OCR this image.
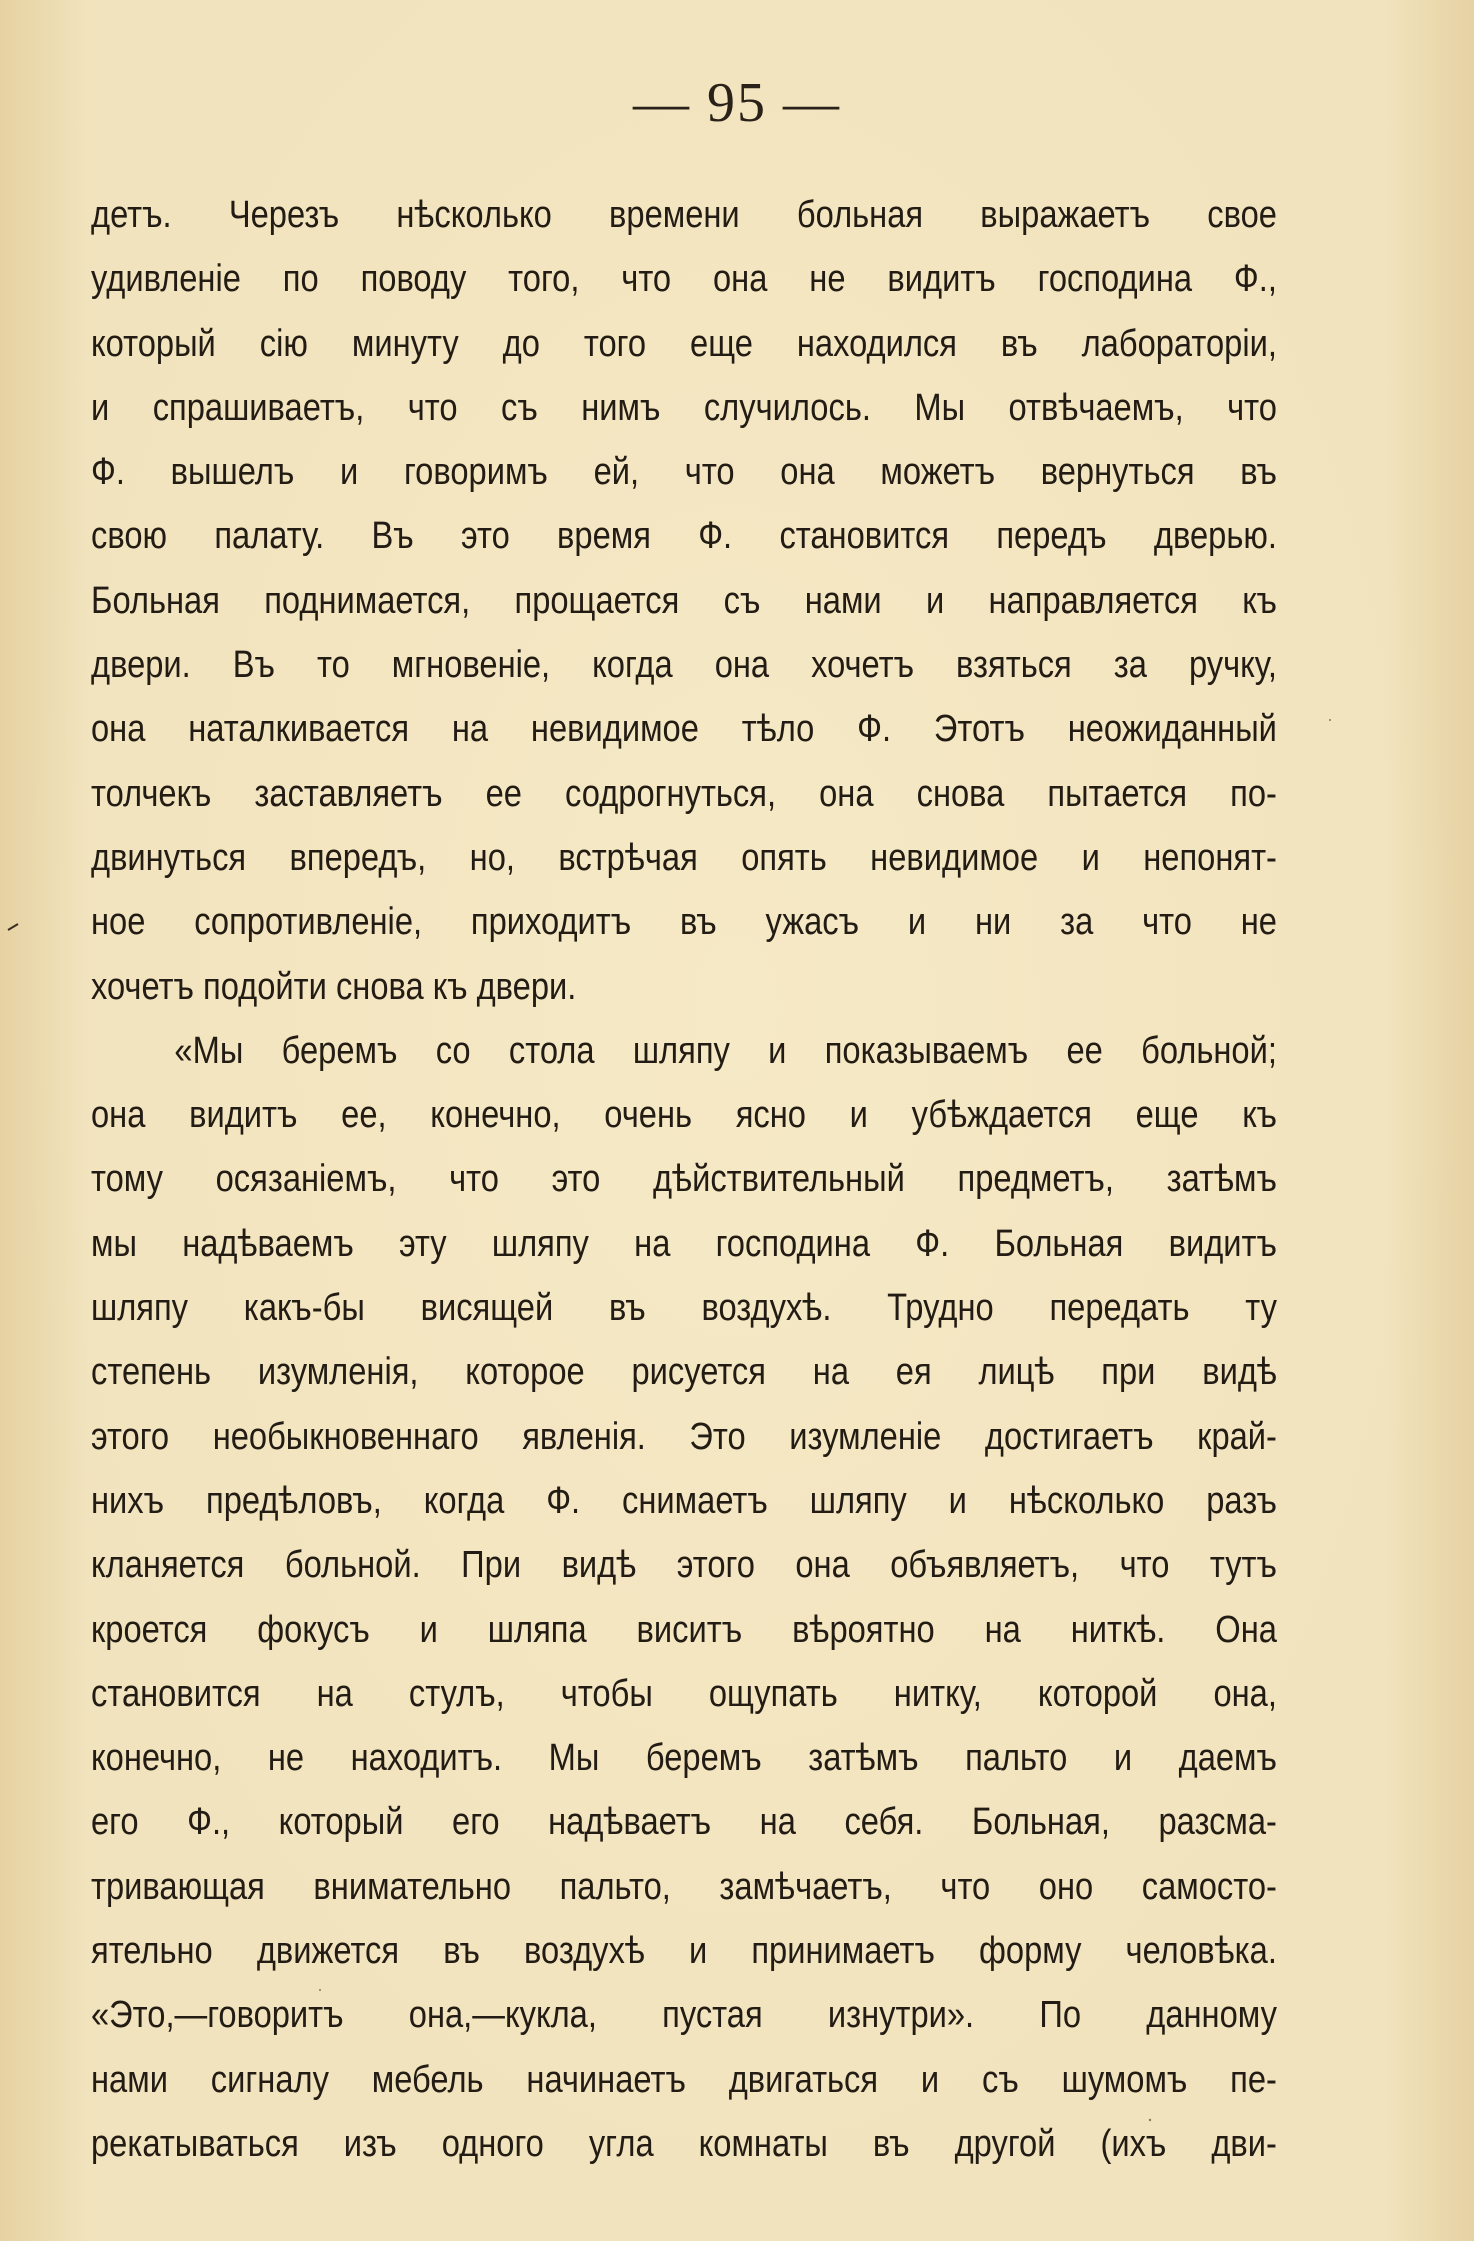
— 95 —
детъ. Черезъ нѣсколько времени больная выражаетъ свое
удивленіе по поводу того, что она не видитъ господина Ф.,
который сію минуту до того еще находился въ лабораторіи,
и спрашиваетъ, что съ нимъ случилось. Мы отвѣчаемъ, что
Ф. вышелъ и говоримъ ей, что она можетъ вернуться въ
свою палату. Въ это время Ф. становится передъ дверью.
Больная поднимается, прощается съ нами и направляется къ
двери. Въ то мгновеніе, когда она хочетъ взяться за ручку,
она наталкивается на невидимое тѣло Ф. Этотъ неожиданный
толчекъ заставляетъ ее содрогнуться, она снова пытается по-
двинуться впередъ, но, встрѣчая опять невидимое и непонят-
ное сопротивленіе, приходитъ въ ужасъ и ни за что не
хочетъ подойти снова къ двери.
«Мы беремъ со стола шляпу и показываемъ ее больной;
она видитъ ее, конечно, очень ясно и убѣждается еще къ
тому осязаніемъ, что это дѣйствительный предметъ, затѣмъ
мы надѣваемъ эту шляпу на господина Ф. Больная видитъ
шляпу какъ-бы висящей въ воздухѣ. Трудно передать ту
степень изумленія, которое рисуется на ея лицѣ при видѣ
этого необыкновеннаго явленія. Это изумленіе достигаетъ край-
нихъ предѣловъ, когда Ф. снимаетъ шляпу и нѣсколько разъ
кланяется больной. При видѣ этого она объявляетъ, что тутъ
кроется фокусъ и шляпа виситъ вѣроятно на ниткѣ. Она
становится на стулъ, чтобы ощупать нитку, которой она,
конечно, не находитъ. Мы беремъ затѣмъ пальто и даемъ
его Ф., который его надѣваетъ на себя. Больная, разсма-
тривающая внимательно пальто, замѣчаетъ, что оно самосто-
ятельно движется въ воздухѣ и принимаетъ форму человѣка.
«Это,—говоритъ она,—кукла, пустая изнутри». По данному
нами сигналу мебель начинаетъ двигаться и съ шумомъ пе-
рекатываться изъ одного угла комнаты въ другой (ихъ дви-
